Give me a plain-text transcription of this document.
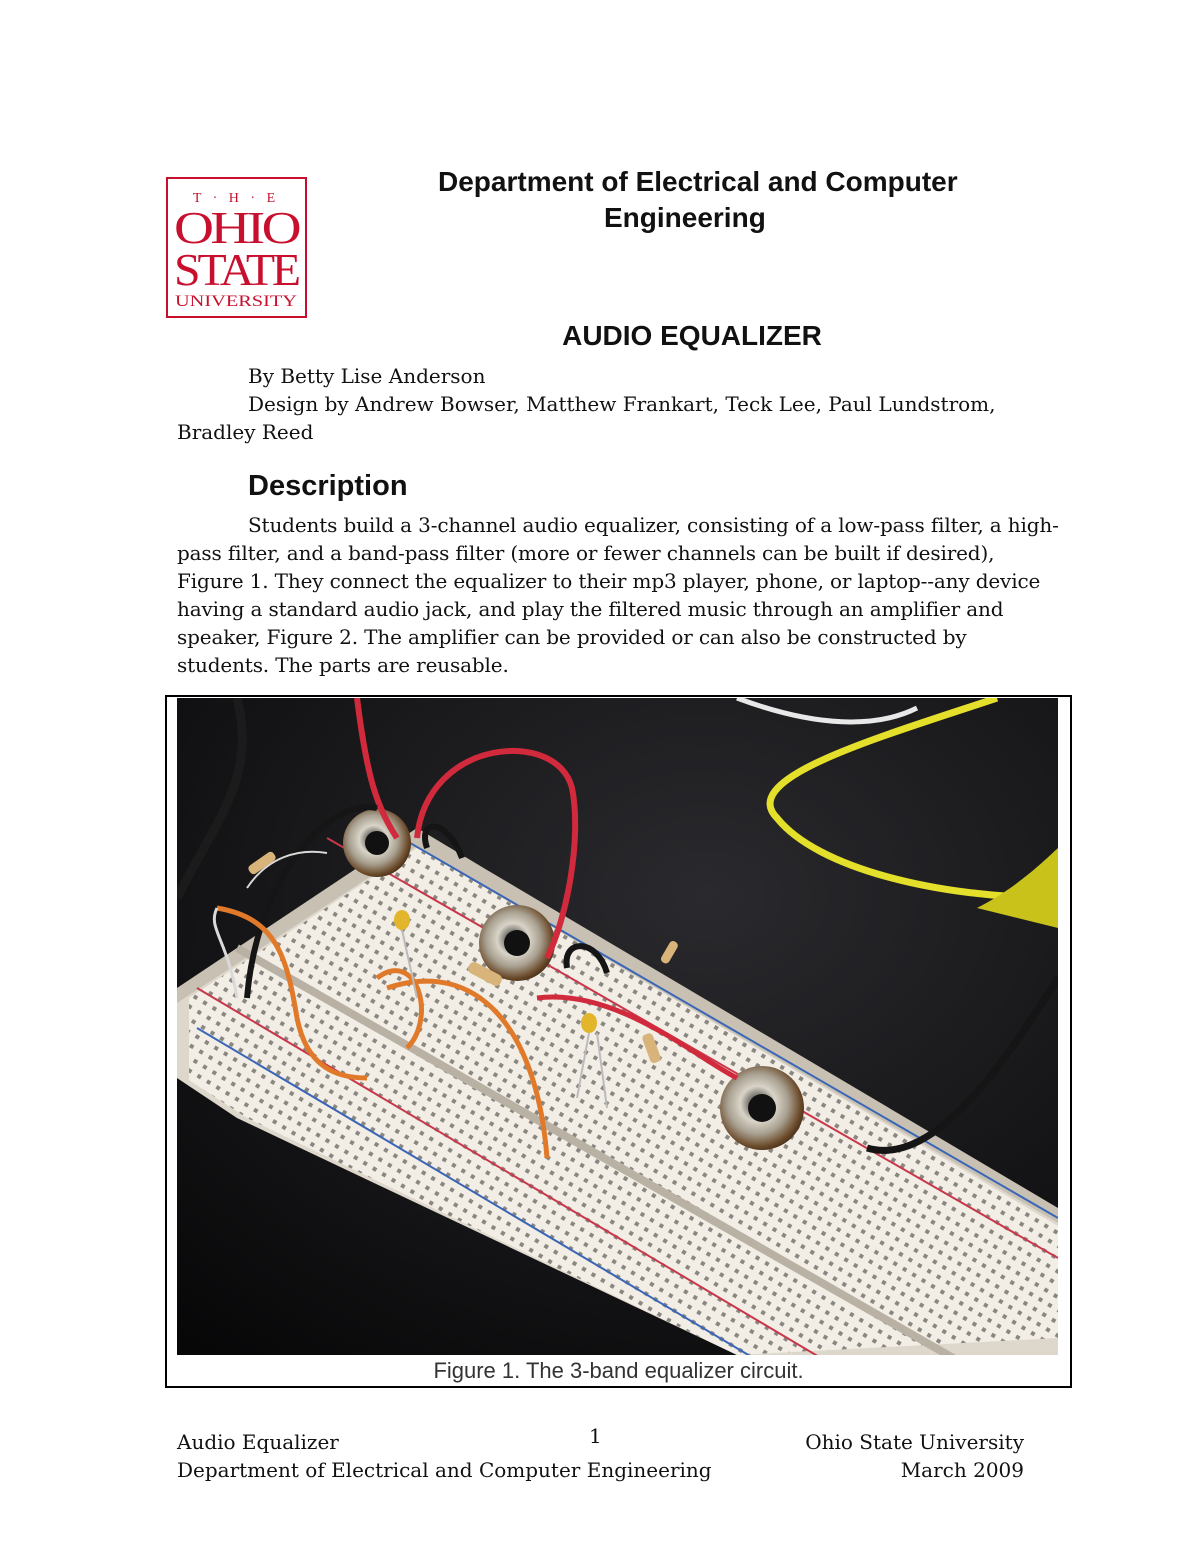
T · H · E
OHIO
STATE
UNIVERSITY
Department of Electrical and Computer
Engineering
AUDIO EQUALIZER
By Betty Lise Anderson
Design by Andrew Bowser, Matthew Frankart, Teck Lee, Paul Lundstrom, Bradley Reed
Description
Students build a 3-channel audio equalizer, consisting of a low-pass filter, a high-pass filter, and a band-pass filter (more or fewer channels can be built if desired), Figure 1. They connect the equalizer to their mp3 player, phone, or laptop--any device having a standard audio jack, and play the filtered music through an amplifier and speaker, Figure 2. The amplifier can be provided or can also be constructed by students. The parts are reusable.
Figure 1. The 3-band equalizer circuit.
Audio Equalizer
Department of Electrical and Computer Engineering
1	Ohio State University
March 2009
